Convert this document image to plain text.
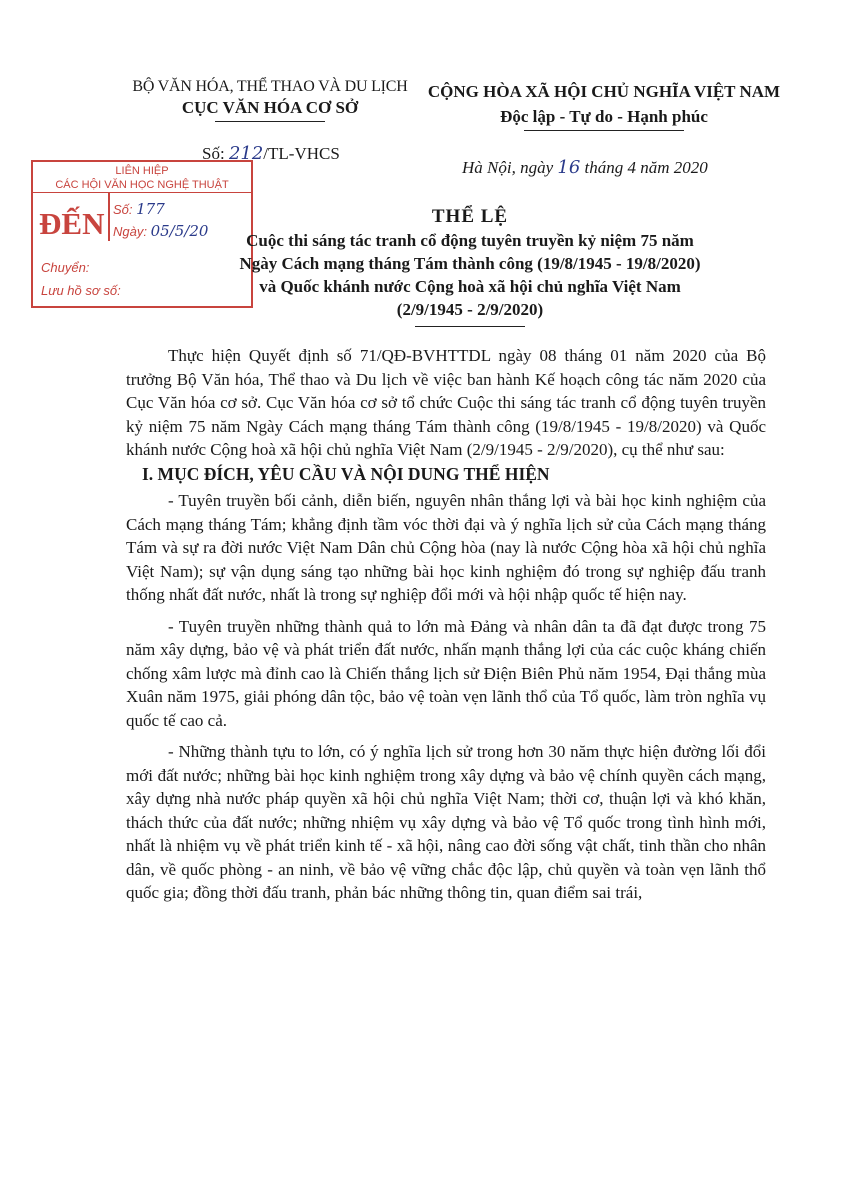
BỘ VĂN HÓA, THỂ THAO VÀ DU LỊCH
CỤC VĂN HÓA CƠ SỞ
Số: 212/TL-VHCS
CỘNG HÒA XÃ HỘI CHỦ NGHĨA VIỆT NAM
Độc lập - Tự do - Hạnh phúc
Hà Nội, ngày 16 tháng 4 năm 2020
LIÊN HIỆP
CÁC HỘI VĂN HỌC NGHỆ THUẬT
ĐẾN Số: 177
Ngày: 05/5/20
Chuyển:
Lưu hồ sơ số:
THỂ LỆ
Cuộc thi sáng tác tranh cổ động tuyên truyền kỷ niệm 75 năm
Ngày Cách mạng tháng Tám thành công (19/8/1945 - 19/8/2020)
và Quốc khánh nước Cộng hoà xã hội chủ nghĩa Việt Nam
(2/9/1945 - 2/9/2020)

Thực hiện Quyết định số 71/QĐ-BVHTTDL ngày 08 tháng 01 năm 2020 của Bộ trưởng Bộ Văn hóa, Thể thao và Du lịch về việc ban hành Kế hoạch công tác năm 2020 của Cục Văn hóa cơ sở. Cục Văn hóa cơ sở tổ chức Cuộc thi sáng tác tranh cổ động tuyên truyền kỷ niệm 75 năm Ngày Cách mạng tháng Tám thành công (19/8/1945 - 19/8/2020) và Quốc khánh nước Cộng hoà xã hội chủ nghĩa Việt Nam (2/9/1945 - 2/9/2020), cụ thể như sau:

I. MỤC ĐÍCH, YÊU CẦU VÀ NỘI DUNG THỂ HIỆN

- Tuyên truyền bối cảnh, diễn biến, nguyên nhân thắng lợi và bài học kinh nghiệm của Cách mạng tháng Tám; khẳng định tầm vóc thời đại và ý nghĩa lịch sử của Cách mạng tháng Tám và sự ra đời nước Việt Nam Dân chủ Cộng hòa (nay là nước Cộng hòa xã hội chủ nghĩa Việt Nam); sự vận dụng sáng tạo những bài học kinh nghiệm đó trong sự nghiệp đấu tranh thống nhất đất nước, nhất là trong sự nghiệp đổi mới và hội nhập quốc tế hiện nay.

- Tuyên truyền những thành quả to lớn mà Đảng và nhân dân ta đã đạt được trong 75 năm xây dựng, bảo vệ và phát triển đất nước, nhấn mạnh thắng lợi của các cuộc kháng chiến chống xâm lược mà đỉnh cao là Chiến thắng lịch sử Điện Biên Phủ năm 1954, Đại thắng mùa Xuân năm 1975, giải phóng dân tộc, bảo vệ toàn vẹn lãnh thổ của Tổ quốc, làm tròn nghĩa vụ quốc tế cao cả.

- Những thành tựu to lớn, có ý nghĩa lịch sử trong hơn 30 năm thực hiện đường lối đổi mới đất nước; những bài học kinh nghiệm trong xây dựng và bảo vệ chính quyền cách mạng, xây dựng nhà nước pháp quyền xã hội chủ nghĩa Việt Nam; thời cơ, thuận lợi và khó khăn, thách thức của đất nước; những nhiệm vụ xây dựng và bảo vệ Tổ quốc trong tình hình mới, nhất là nhiệm vụ về phát triển kinh tế - xã hội, nâng cao đời sống vật chất, tinh thần cho nhân dân, về quốc phòng - an ninh, về bảo vệ vững chắc độc lập, chủ quyền và toàn vẹn lãnh thổ quốc gia; đồng thời đấu tranh, phản bác những thông tin, quan điểm sai trái,
